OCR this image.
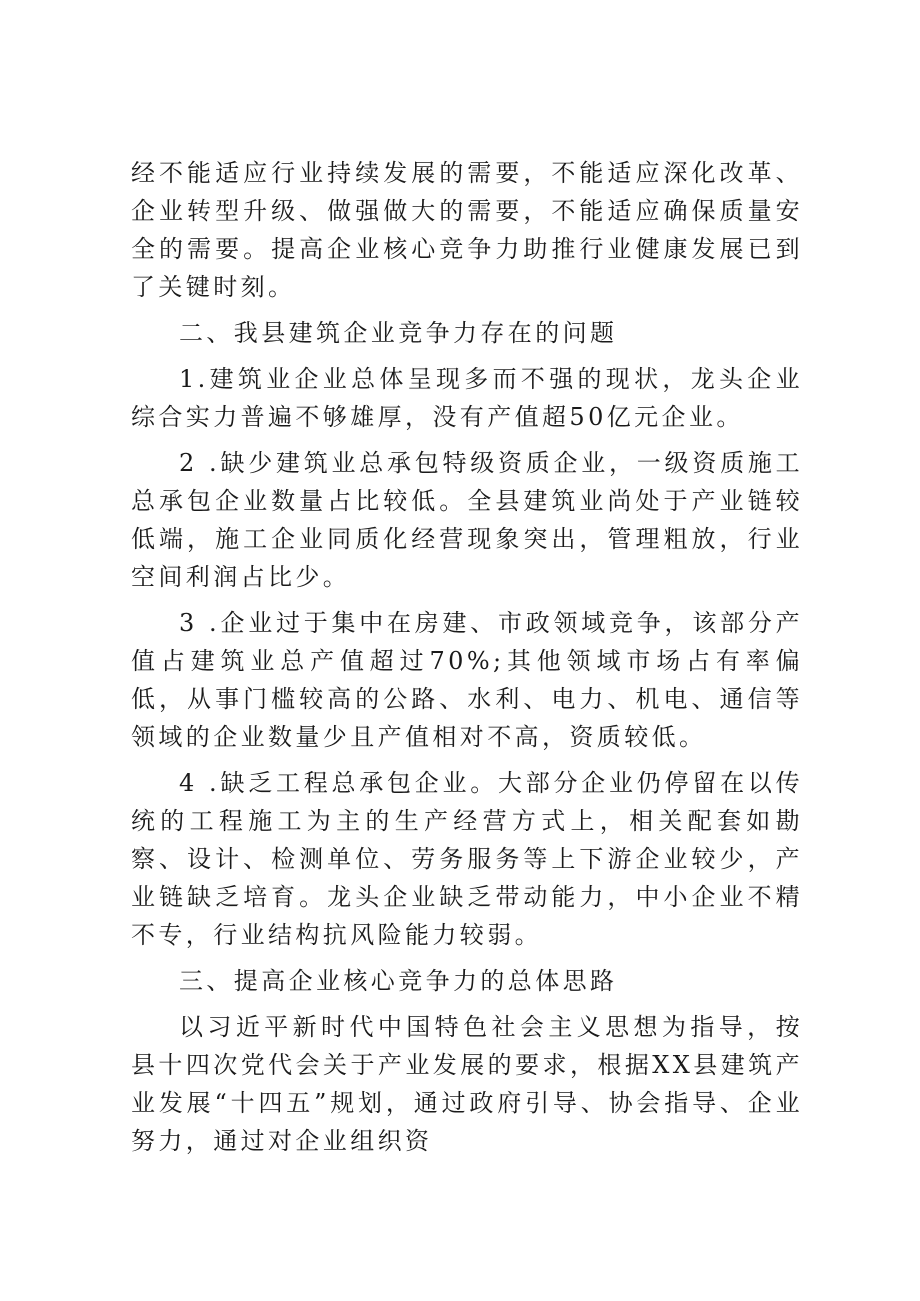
经不能适应行业持续发展的需要，不能适应深化改革、企业转型升级、做强做大的需要，不能适应确保质量安全的需要。提高企业核心竞争力助推行业健康发展已到了关键时刻。

二、我县建筑企业竞争力存在的问题

1.建筑业企业总体呈现多而不强的现状，龙头企业综合实力普遍不够雄厚，没有产值超50亿元企业。

2 .缺少建筑业总承包特级资质企业，一级资质施工总承包企业数量占比较低。全县建筑业尚处于产业链较低端，施工企业同质化经营现象突出，管理粗放，行业空间利润占比少。

3 .企业过于集中在房建、市政领域竞争，该部分产值占建筑业总产值超过70%;其他领域市场占有率偏低，从事门槛较高的公路、水利、电力、机电、通信等领域的企业数量少且产值相对不高，资质较低。

4 .缺乏工程总承包企业。大部分企业仍停留在以传统的工程施工为主的生产经营方式上，相关配套如勘察、设计、检测单位、劳务服务等上下游企业较少，产业链缺乏培育。龙头企业缺乏带动能力，中小企业不精不专，行业结构抗风险能力较弱。

三、提高企业核心竞争力的总体思路

以习近平新时代中国特色社会主义思想为指导，按县十四次党代会关于产业发展的要求，根据XX县建筑产业发展“十四五”规划，通过政府引导、协会指导、企业努力，通过对企业组织资
